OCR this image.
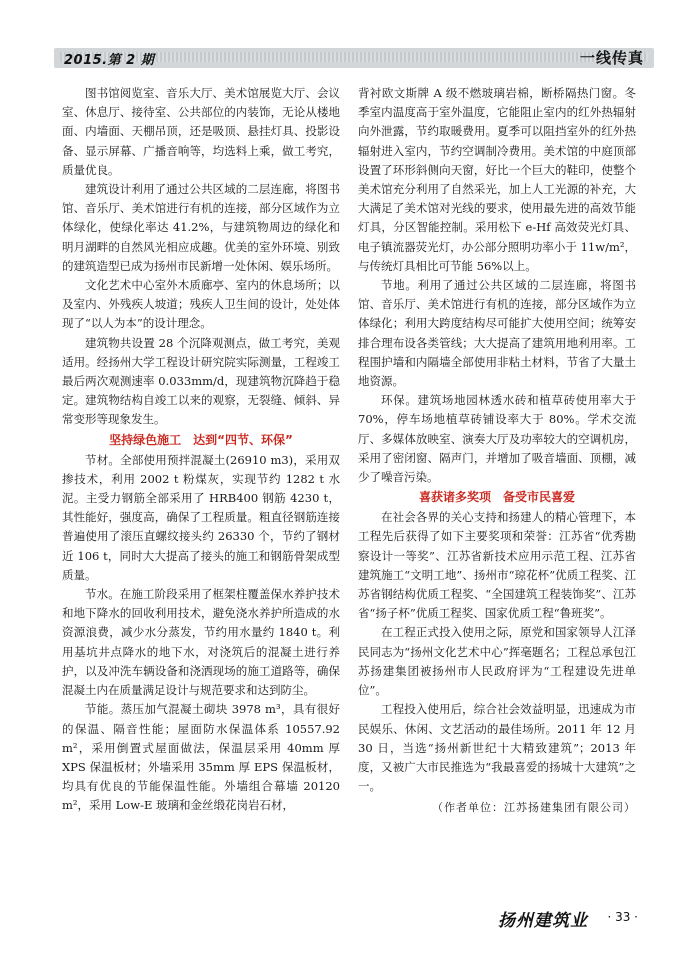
2015.第 2 期	一线传真

图书馆阅览室、音乐大厅、美术馆展览大厅、会议室、休息厅、接待室、公共部位的内装饰，无论从楼地面、内墙面、天棚吊顶，还是吸顶、悬挂灯具、投影设备、显示屏幕、广播音响等，均选料上乘，做工考究，质量优良。

建筑设计利用了通过公共区域的二层连廊，将图书馆、音乐厅、美术馆进行有机的连接，部分区域作为立体绿化，使绿化率达 41.2%，与建筑物周边的绿化和明月湖畔的自然风光相应成趣。优美的室外环境、别致的建筑造型已成为扬州市民新增一处休闲、娱乐场所。

文化艺术中心室外木质廊亭、室内的休息场所；以及室内、外残疾人坡道；残疾人卫生间的设计，处处体现了“以人为本”的设计理念。

建筑物共设置 28 个沉降观测点，做工考究，美观适用。经扬州大学工程设计研究院实际测量，工程竣工最后两次观测速率 0.033mm/d，现建筑物沉降趋于稳定。建筑物结构自竣工以来的观察，无裂缝、倾斜、异常变形等现象发生。

坚持绿色施工　达到“四节、环保”

节材。全部使用预拌混凝土(26910 m3)，采用双掺技术，利用 2002 t 粉煤灰，实现节约 1282 t 水泥。主受力钢筋全部采用了 HRB400 钢筋 4230 t，其性能好，强度高，确保了工程质量。粗直径钢筋连接普遍使用了滚压直螺纹接头约 26330 个，节约了钢材近 106 t，同时大大提高了接头的施工和钢筋骨架成型质量。

节水。在施工阶段采用了框架柱覆盖保水养护技术和地下降水的回收利用技术，避免浇水养护所造成的水资源浪费，减少水分蒸发，节约用水量约 1840 t。利用基坑井点降水的地下水，对浇筑后的混凝土进行养护，以及冲洗车辆设备和浇洒现场的施工道路等，确保混凝土内在质量满足设计与规范要求和达到防尘。

节能。蒸压加气混凝土砌块 3978 m³，具有很好的保温、隔音性能；屋面防水保温体系 10557.92 m²，采用倒置式屋面做法，保温层采用 40mm 厚 XPS 保温板材；外墙采用 35mm 厚 EPS 保温板材，均具有优良的节能保温性能。外墙组合幕墙 20120 m²，采用 Low-E 玻璃和金丝缎花岗岩石材，

背衬欧文斯牌 A 级不燃玻璃岩棉，断桥隔热门窗。冬季室内温度高于室外温度，它能阻止室内的红外热辐射向外泄露，节约取暖费用。夏季可以阻挡室外的红外热辐射进入室内，节约空调制冷费用。美术馆的中庭顶部设置了环形斜侧向天窗，好比一个巨大的鞋印，使整个美术馆充分利用了自然采光，加上人工光源的补充，大大满足了美术馆对光线的要求，使用最先进的高效节能灯具，分区智能控制。采用松下 e-Hf 高效荧光灯具、电子镇流器荧光灯，办公部分照明功率小于 11w/m²，与传统灯具相比可节能 56%以上。

节地。利用了通过公共区域的二层连廊，将图书馆、音乐厅、美术馆进行有机的连接，部分区域作为立体绿化；利用大跨度结构尽可能扩大使用空间；统筹安排合理布设各类管线；大大提高了建筑用地利用率。工程围护墙和内隔墙全部使用非粘土材料，节省了大量土地资源。

环保。建筑场地园林透水砖和植草砖使用率大于 70%，停车场地植草砖铺设率大于 80%。学术交流厅、多媒体放映室、演奏大厅及功率较大的空调机房，采用了密闭窗、隔声门，并增加了吸音墙面、顶棚，减少了噪音污染。

喜获诸多奖项　备受市民喜爱

在社会各界的关心支持和扬建人的精心管理下，本工程先后获得了如下主要奖项和荣誉：江苏省“优秀勘察设计一等奖”、江苏省新技术应用示范工程、江苏省建筑施工“文明工地”、扬州市“琼花杯”优质工程奖、江苏省钢结构优质工程奖、“全国建筑工程装饰奖”、江苏省“扬子杯”优质工程奖、国家优质工程“鲁班奖”。

在工程正式投入使用之际，原党和国家领导人江泽民同志为“扬州文化艺术中心”挥毫题名；工程总承包江苏扬建集团被扬州市人民政府评为“工程建设先进单位”。

工程投入使用后，综合社会效益明显，迅速成为市民娱乐、休闲、文艺活动的最佳场所。2011 年 12 月 30 日，当选“扬州新世纪十大精致建筑”；2013 年度，又被广大市民推选为“我最喜爱的扬城十大建筑”之一。

（作者单位：江苏扬建集团有限公司）
扬州建筑业 · 33 ·
